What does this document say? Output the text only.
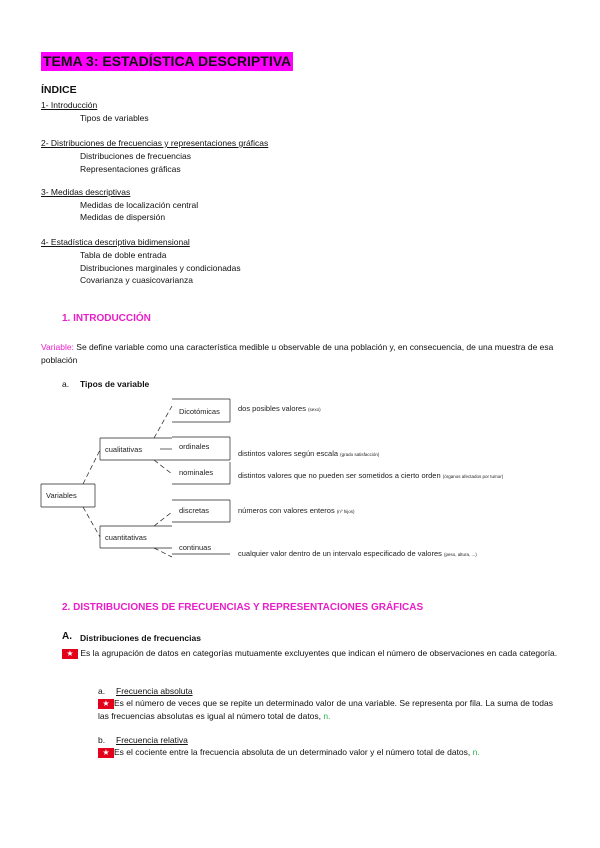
TEMA 3: ESTADÍSTICA DESCRIPTIVA
ÍNDICE
1- Introducción
Tipos de variables
2- Distribuciones de frecuencias y representaciones gráficas
Distribuciones de frecuencias
Representaciones gráficas
3- Medidas descriptivas
Medidas de localización central
Medidas de dispersión
4- Estadística descriptiva bidimensional
Tabla de doble entrada
Distribuciones marginales y condicionadas
Covarianza y cuasicovarianza
1. INTRODUCCIÓN
Variable: Se define variable como una característica medible u observable de una población y, en consecuencia, de una muestra de esa población
a. Tipos de variable
Variables
cualitativas
cuantitativas
Dicotómicas
ordinales
nominales
discretas
continuas
dos posibles valores (sexo)
distintos valores según escala (grado satisfacción)
distintos valores que no pueden ser sometidos a cierto orden (órganos afectados por tumor)
números con valores enteros (nº hijos)
cualquier valor dentro de un intervalo especificado de valores (peso, altura, ...)
2. DISTRIBUCIONES DE FRECUENCIAS Y REPRESENTACIONES GRÁFICAS
A. Distribuciones de frecuencias
★ Es la agrupación de datos en categorías mutuamente excluyentes que indican el número de observaciones en cada categoría.
a. Frecuencia absoluta
★ Es el número de veces que se repite un determinado valor de una variable. Se representa por fila. La suma de todas las frecuencias absolutas es igual al número total de datos, n.
b. Frecuencia relativa
★ Es el cociente entre la frecuencia absoluta de un determinado valor y el número total de datos, n.
